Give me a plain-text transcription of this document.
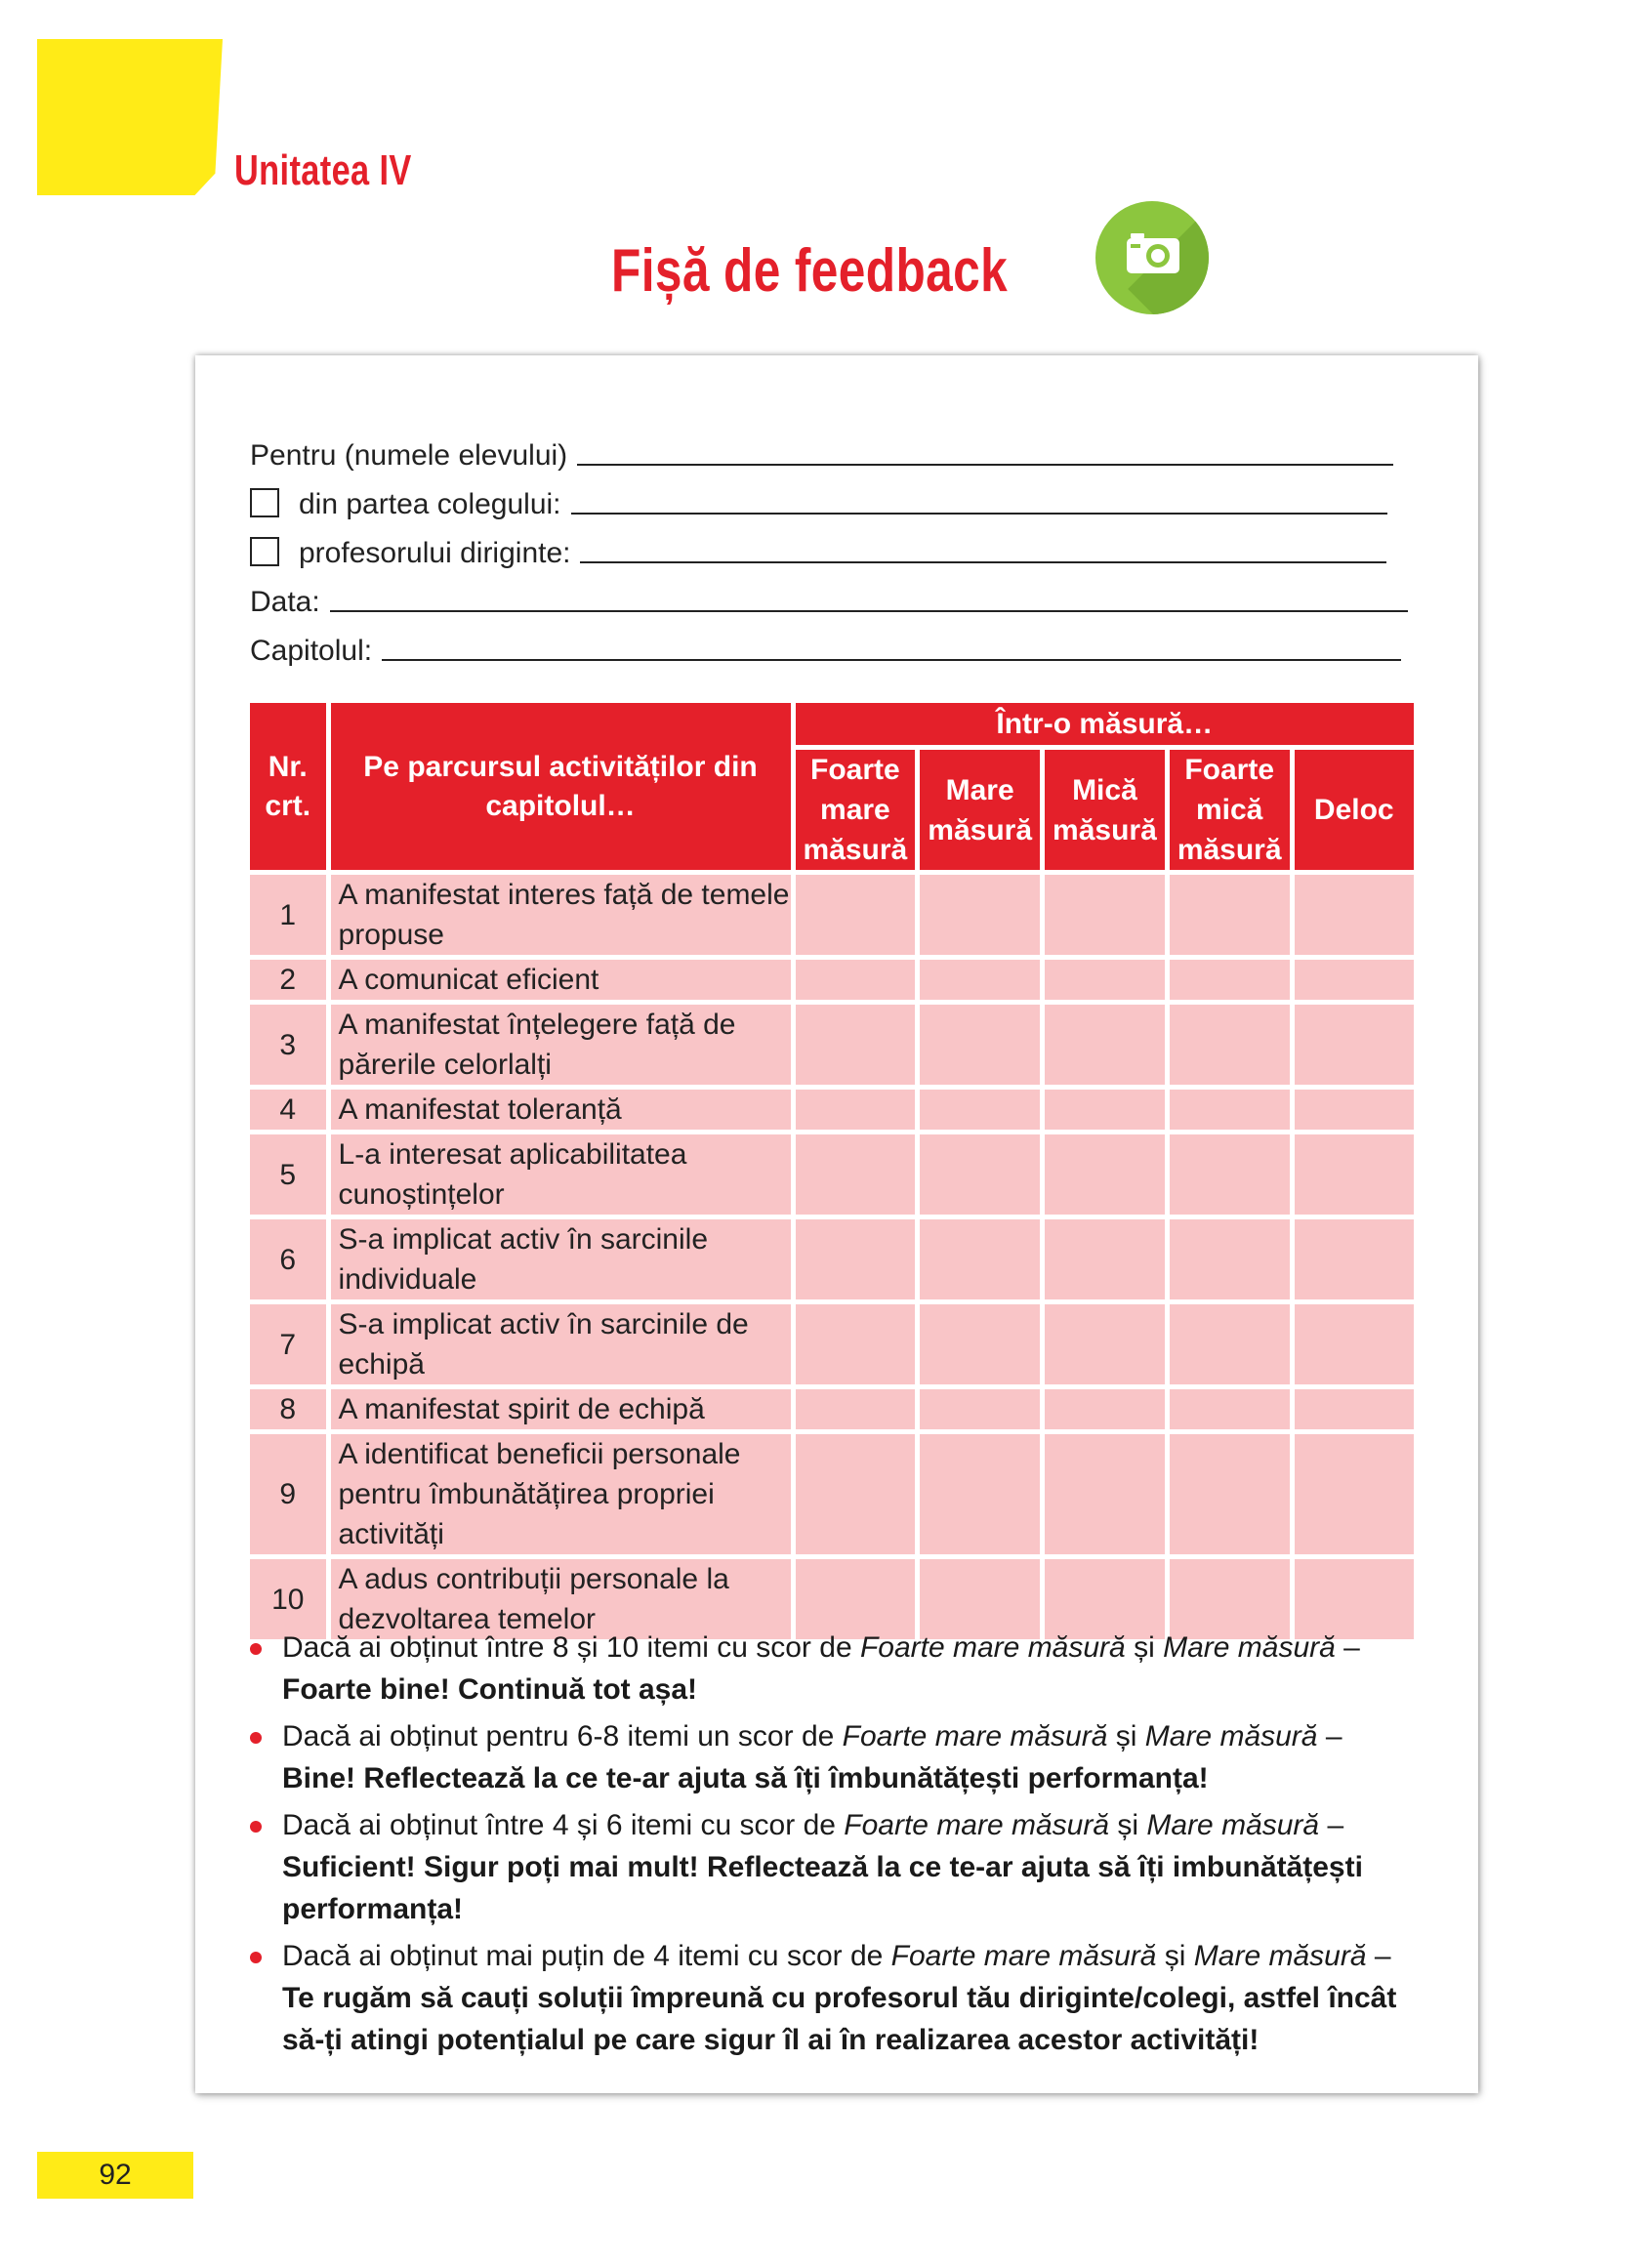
Unitatea IV
Fișă de feedback
Pentru (numele elevului)
din partea colegului:
profesorului diriginte:
Data:
Capitolul:
Nr. crt.	Pe parcursul activităților din capitolul…	Într-o măsură…				
		Foarte mare măsură	Mare măsură	Mică măsură	Foarte mică măsură	Deloc
1	A manifestat interes față de temele propuse					
2	A comunicat eficient					
3	A manifestat înțelegere față de părerile celorlalți					
4	A manifestat toleranță					
5	L-a interesat aplicabilitatea cunoștințelor					
6	S-a implicat activ în sarcinile individuale					
7	S-a implicat activ în sarcinile de echipă					
8	A manifestat spirit de echipă					
9	A identificat beneficii personale pentru îmbunătățirea propriei activități					
10	A adus contribuții personale la dezvoltarea temelor					
Dacă ai obținut între 8 și 10 itemi cu scor de Foarte mare măsură și Mare măsură –
Foarte bine! Continuă tot așa!
Dacă ai obținut pentru 6-8 itemi un scor de Foarte mare măsură și Mare măsură –
Bine! Reflectează la ce te-ar ajuta să îți îmbunătățești performanța!
Dacă ai obținut între 4 și 6 itemi cu scor de Foarte mare măsură și Mare măsură –
Suficient! Sigur poți mai mult! Reflectează la ce te-ar ajuta să îți imbunătățești performanța!
Dacă ai obținut mai puțin de 4 itemi cu scor de Foarte mare măsură și Mare măsură –
Te rugăm să cauți soluții împreună cu profesorul tău diriginte/colegi, astfel încât să-ți atingi potențialul pe care sigur îl ai în realizarea acestor activități!
92
